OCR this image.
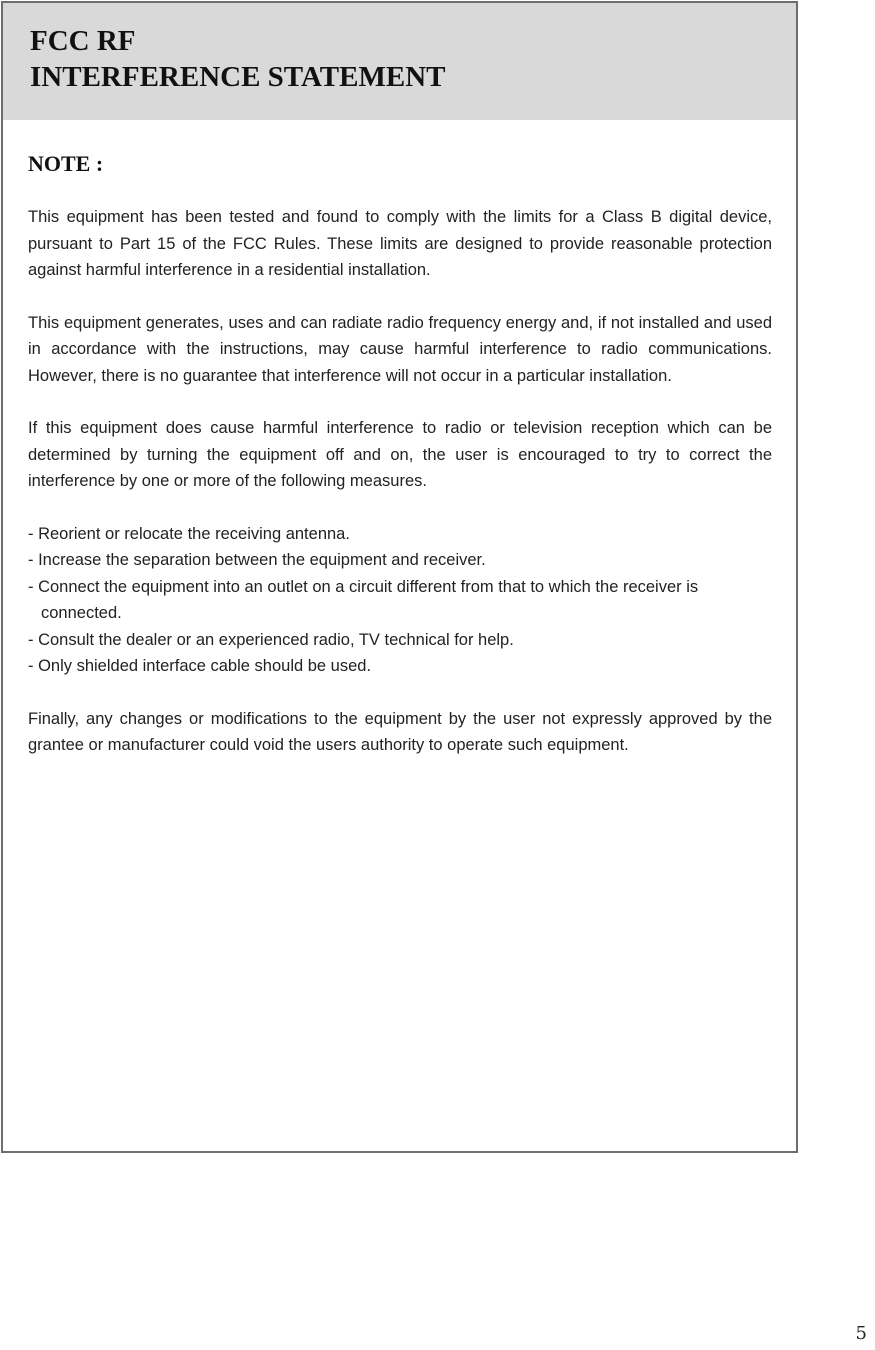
FCC RF
INTERFERENCE STATEMENT
NOTE :

This equipment has been tested and found to comply with the limits for a Class B digital device, pursuant to Part 15 of the FCC Rules. These limits are designed to provide reasonable protection against harmful interference in a residential installation.

This equipment generates, uses and can radiate radio frequency energy and, if not installed and used in accordance with the instructions, may cause harmful interference to radio communications. However, there is no guarantee that interference will not occur in a particular installation.

If this equipment does cause harmful interference to radio or television reception which can be determined by turning the equipment off and on, the user is encouraged to try to correct the interference by one or more of the following measures.

- Reorient or relocate the receiving antenna.
- Increase the separation between the equipment and receiver.
- Connect the equipment into an outlet on a circuit different from that to which the receiver is connected.
- Consult the dealer or an experienced radio, TV technical for help.
- Only shielded interface cable should be used.

Finally, any changes or modifications to the equipment by the user not expressly approved by the grantee or manufacturer could void the users authority to operate such equipment.

5
